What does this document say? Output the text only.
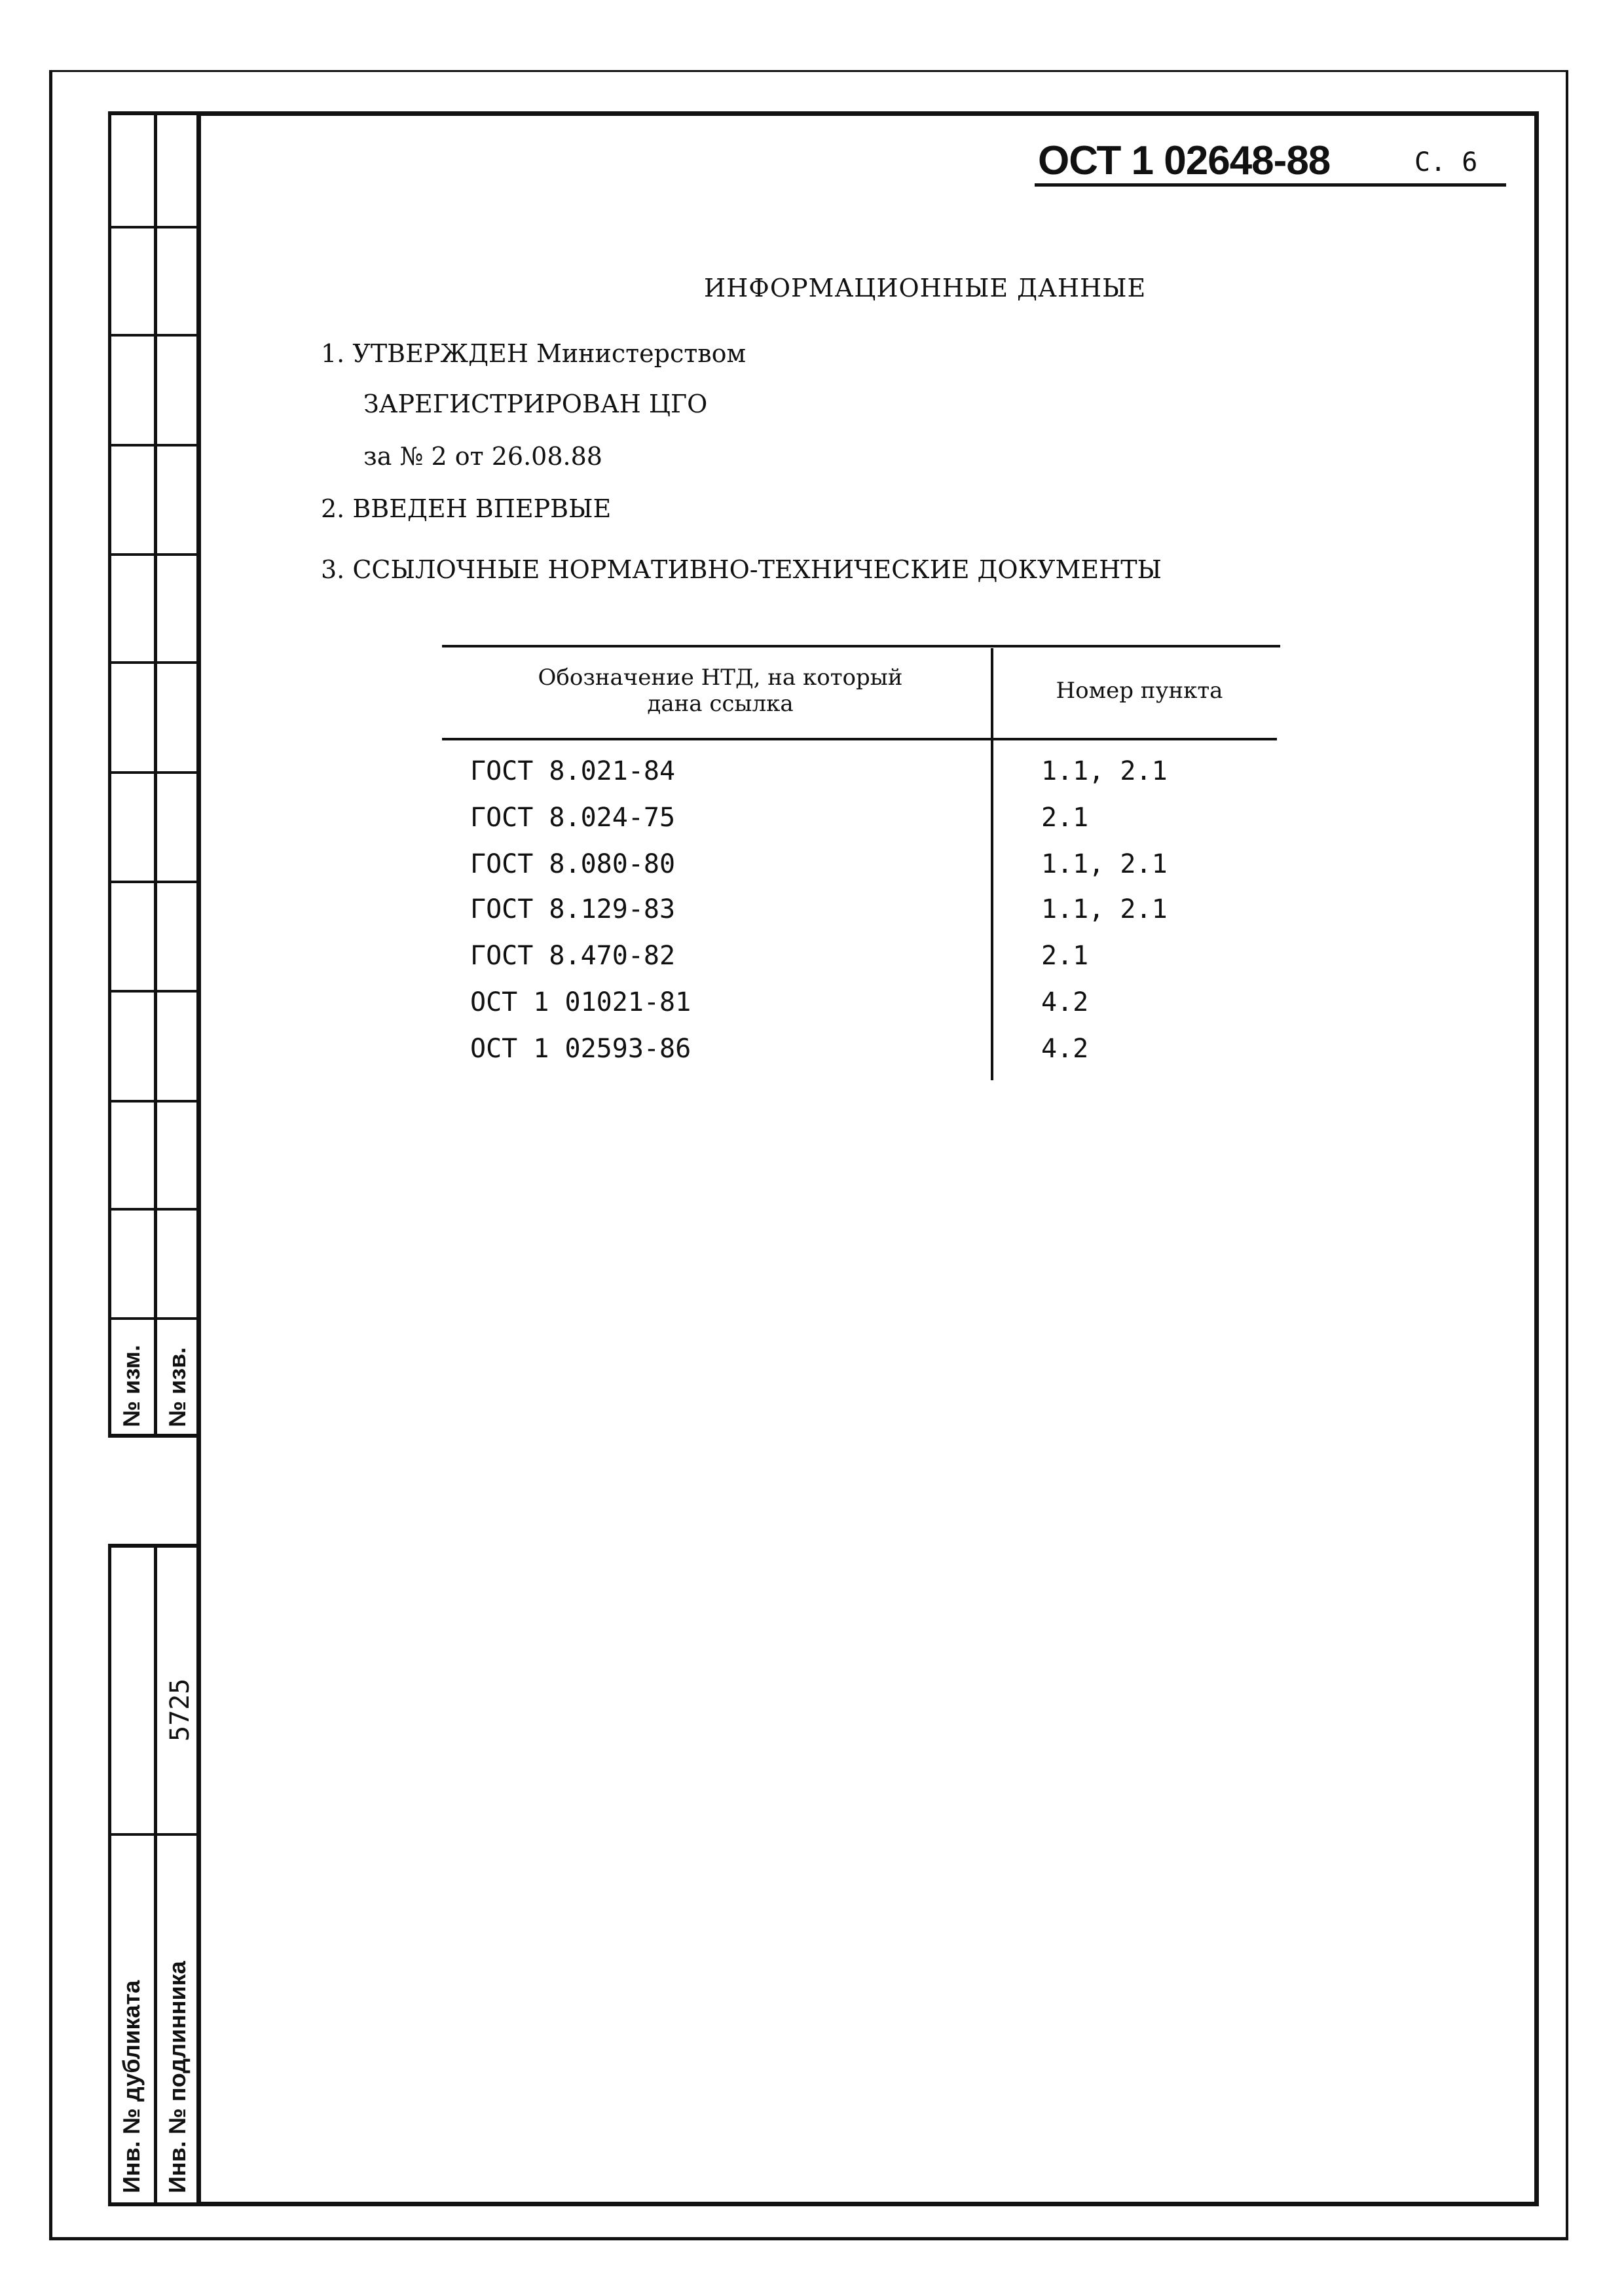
№ изм. № изв.
5725
Инв. № дубликата Инв. № подлинника
ОСТ 1 02648-88	С. 6
ИНФОРМАЦИОННЫЕ ДАННЫЕ
1. УТВЕРЖДЕН Министерством
ЗАРЕГИСТРИРОВАН ЦГО
за № 2 от 26.08.88
2. ВВЕДЕН ВПЕРВЫЕ
3. ССЫЛОЧНЫЕ НОРМАТИВНО-ТЕХНИЧЕСКИЕ ДОКУМЕНТЫ
Обозначение НТД, на который
дана ссылка	Номер пункта
ГОСТ 8.021-84	1.1, 2.1
ГОСТ 8.024-75	2.1
ГОСТ 8.080-80	1.1, 2.1
ГОСТ 8.129-83	1.1, 2.1
ГОСТ 8.470-82	2.1
ОСТ 1 01021-81	4.2
ОСТ 1 02593-86	4.2
